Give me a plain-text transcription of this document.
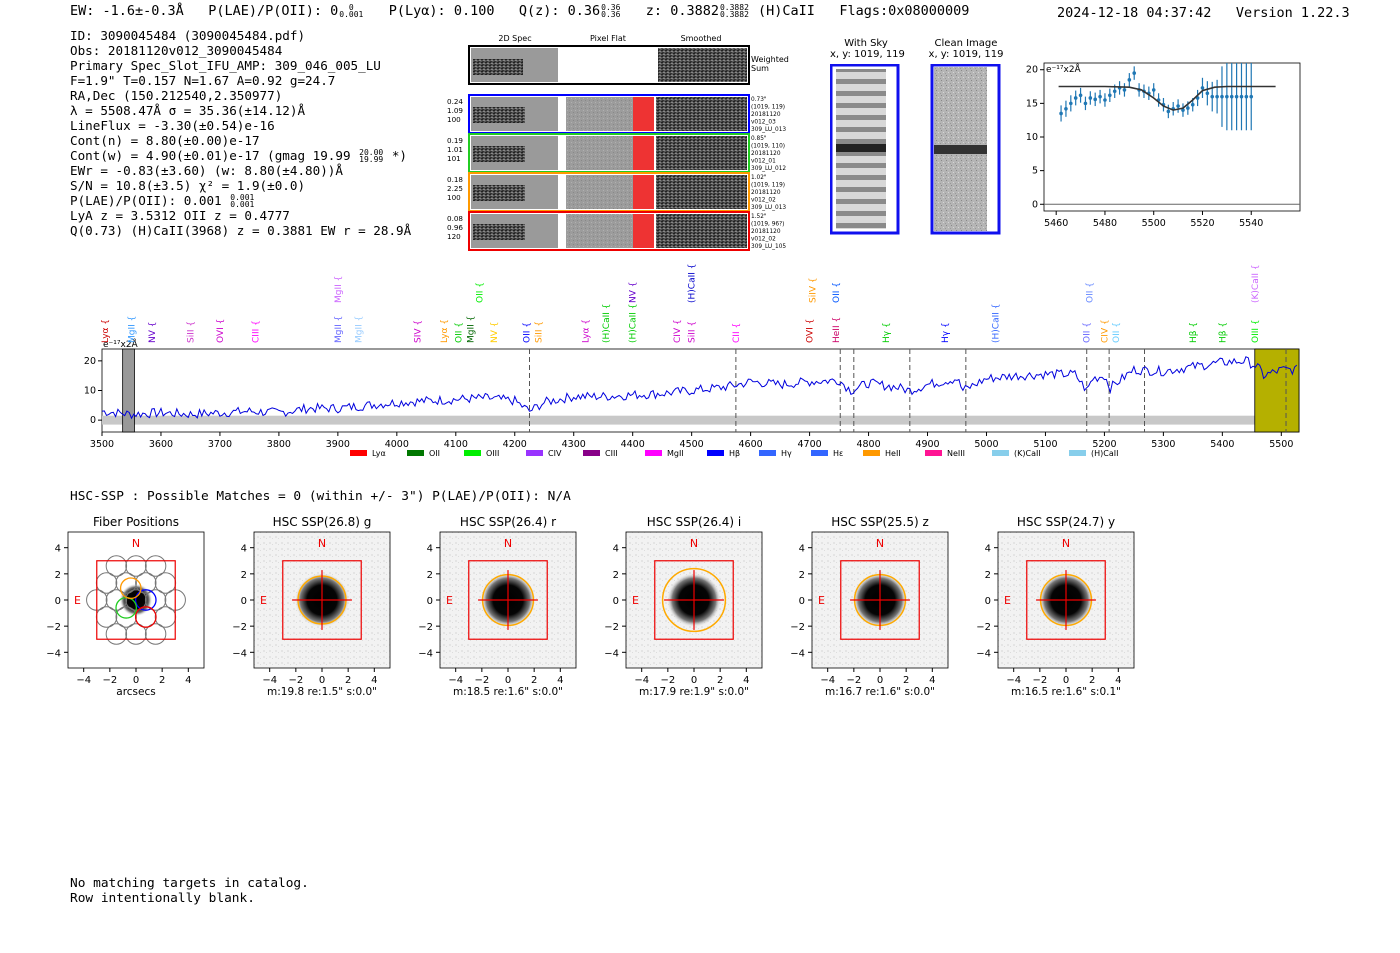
EW: -1.6±-0.3Å P(LAE)/P(OII): 0	0
0.001 P(Lyα): 0.100 Q(z): 0.36 0.36
0.36 z: 0.3882 0.3882
0.3882 (H)CaII Flags:0x08000009	2024-12-18 04:37:42 Version 1.22.3
ID: 3090045484 (3090045484.pdf)
Obs: 20181120v012_3090045484
Primary Spec_Slot_IFU_AMP: 309_046_005_LU
F=1.9" T=0.157 N=1.67 A=0.92 g=24.7
RA,Dec (150.212540,2.350977)
λ = 5508.47Å σ = 35.36(±14.12)Å
LineFlux = -3.30(±0.54)e-16
Cont(n) = 8.80(±0.00)e-17
Cont(w) = 4.90(±0.01)e-17 (gmag 19.99 20.00
19.99 *)
EWr = -0.83(±3.60) (w: 8.80(±4.80))Å
S/N = 10.8(±3.5) χ² = 1.9(±0.0)
P(LAE)/P(OII): 0.001 0.001
0.001
LyA z = 3.5312 OII z = 0.4777
Q(0.73) (H)CaII(3968) z = 0.3881 EW r = 28.9Å
2D Spec	Pixel Flat	Smoothed
Weighted
Sum
0.24
1.09
100
0.73"
(1019, 119)
20181120
v012_03
309_LU_013
0.19
1.01
101
0.85"
(1019, 110)
20181120
v012_01
309_LU_012
0.18
2.25
100
1.02"
(1019, 119)
20181120
v012_02
309_LU_013
0.08
0.96
120
1.52"
(1019, 96?)
20181120
v012_02
309_LU_105
With Sky
x, y: 1019, 119
Clean Image
x, y: 1019, 119
e⁻¹⁷x2Å
5460	5480	5500	5520	5540
0
5
10
15
20
3500	3600	3700	3800	3900	4000	4100	4200	4300	4400	4500	4600	4700	4800	4900	5000	5100	5200	5300	5400	5500
0
10
20
e⁻¹⁷x2Å
Lyα { MgII { NV {	SiII { OVI {	CIII {	MgII { MgII {	SIV { Lyα { OII { MgII { NV { OII { SiII {	Lyα { (H)CaII { (H)CaII {	CIV { SiII {	CII {	OVI { HeII {	Hγ {	Hγ {	(H)CaII {	OII { CIV { OII {	Hβ { Hβ { OIII {
MgII {	OII {	NV {	(H)CaII {	SiIV { OII {	OII {	(K)CaII {
Lyα	OII	OIII	CIV	CIII	MgII	Hβ	Hγ	Hε	HeII	NeIII	(K)CaII	(H)CaII
HSC-SSP : Possible Matches = 0 (within +/- 3") P(LAE)/P(OII): N/A
Fiber Positions
N
E
−4
−4
−2
−2
0
0
2
2
4
4
arcsecs
HSC SSP(26.8) g
N
E
−4
−4
−2
−2
0
0
2
2
4
4
m:19.8 re:1.5" s:0.0"
HSC SSP(26.4) r
N
E
−4
−4
−2
−2
0
0
2
2
4
4
m:18.5 re:1.6" s:0.0"
HSC SSP(26.4) i
N
E
−4
−4
−2
−2
0
0
2
2
4
4
m:17.9 re:1.9" s:0.0"
HSC SSP(25.5) z
N
E
−4
−4
−2
−2
0
0
2
2
4
4
m:16.7 re:1.6" s:0.0"
HSC SSP(24.7) y
N
E
−4
−4
−2
−2
0
0
2
2
4
4
m:16.5 re:1.6" s:0.1"
No matching targets in catalog.
Row intentionally blank.
